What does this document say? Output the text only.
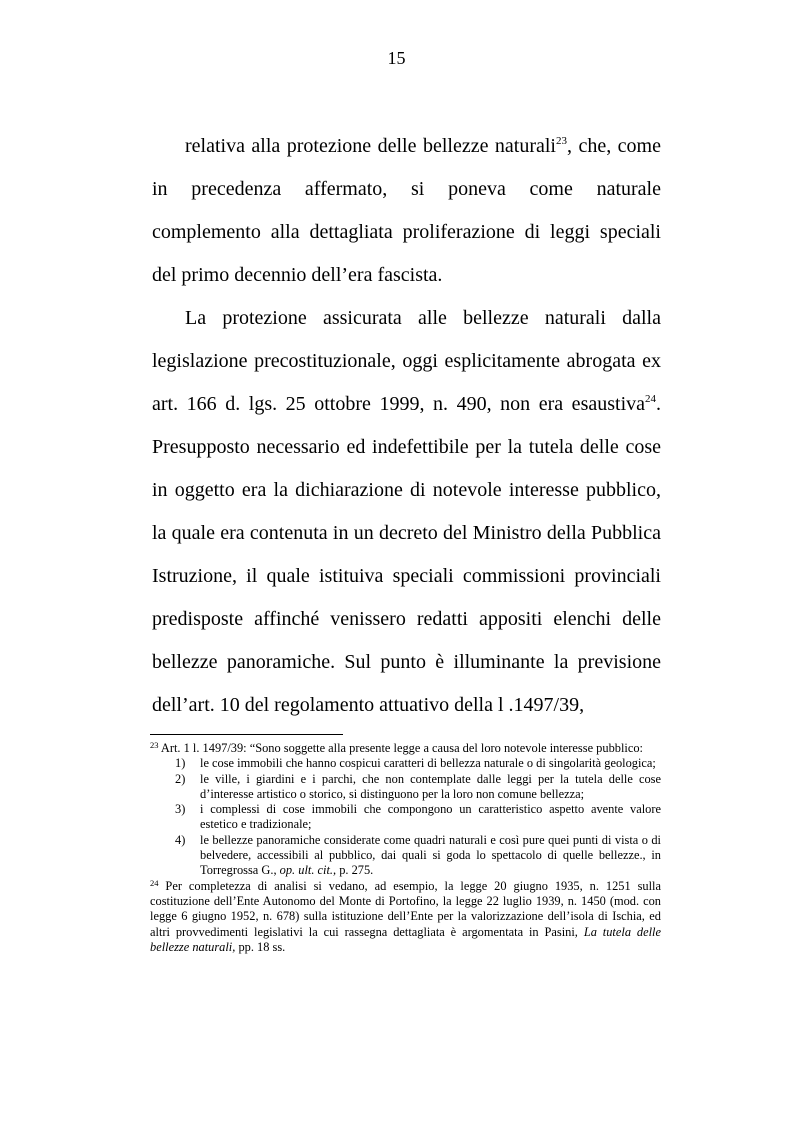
15

relativa alla protezione delle bellezze naturali$^{23}$, che, come in precedenza affermato, si poneva come naturale complemento alla dettagliata proliferazione di leggi speciali del primo decennio dell’era fascista.

La protezione assicurata alle bellezze naturali dalla legislazione precostituzionale, oggi esplicitamente abrogata ex art. 166 d. lgs. 25 ottobre 1999, n. 490, non era esaustiva$^{24}$. Presupposto necessario ed indefettibile per la tutela delle cose in oggetto era la dichiarazione di notevole interesse pubblico, la quale era contenuta in un decreto del Ministro della Pubblica Istruzione, il quale istituiva speciali commissioni provinciali predisposte affinché venissero redatti appositi elenchi delle bellezze panoramiche. Sul punto è illuminante la previsione dell’art. 10 del regolamento attuativo della l .1497/39,

$^{23}$ Art. 1 l. 1497/39: “Sono soggette alla presente legge a causa del loro notevole interesse pubblico:

1) le cose immobili che hanno cospicui caratteri di bellezza naturale o di singolarità geologica;
2) le ville, i giardini e i parchi, che non contemplate dalle leggi per la tutela delle cose d’interesse artistico o storico, si distinguono per la loro non comune bellezza;
3) i complessi di cose immobili che compongono un caratteristico aspetto avente valore estetico e tradizionale;
4) le bellezze panoramiche considerate come quadri naturali e così pure quei punti di vista o di belvedere, accessibili al pubblico, dai quali si goda lo spettacolo di quelle bellezze., in Torregrossa G., op. ult. cit., p. 275.

$^{24}$ Per completezza di analisi si vedano, ad esempio, la legge 20 giugno 1935, n. 1251 sulla costituzione dell’Ente Autonomo del Monte di Portofino, la legge 22 luglio 1939, n. 1450 (mod. con legge 6 giugno 1952, n. 678) sulla istituzione dell’Ente per la valorizzazione dell’isola di Ischia, ed altri provvedimenti legislativi la cui rassegna dettagliata è argomentata in Pasini, La tutela delle bellezze naturali, pp. 18 ss.
